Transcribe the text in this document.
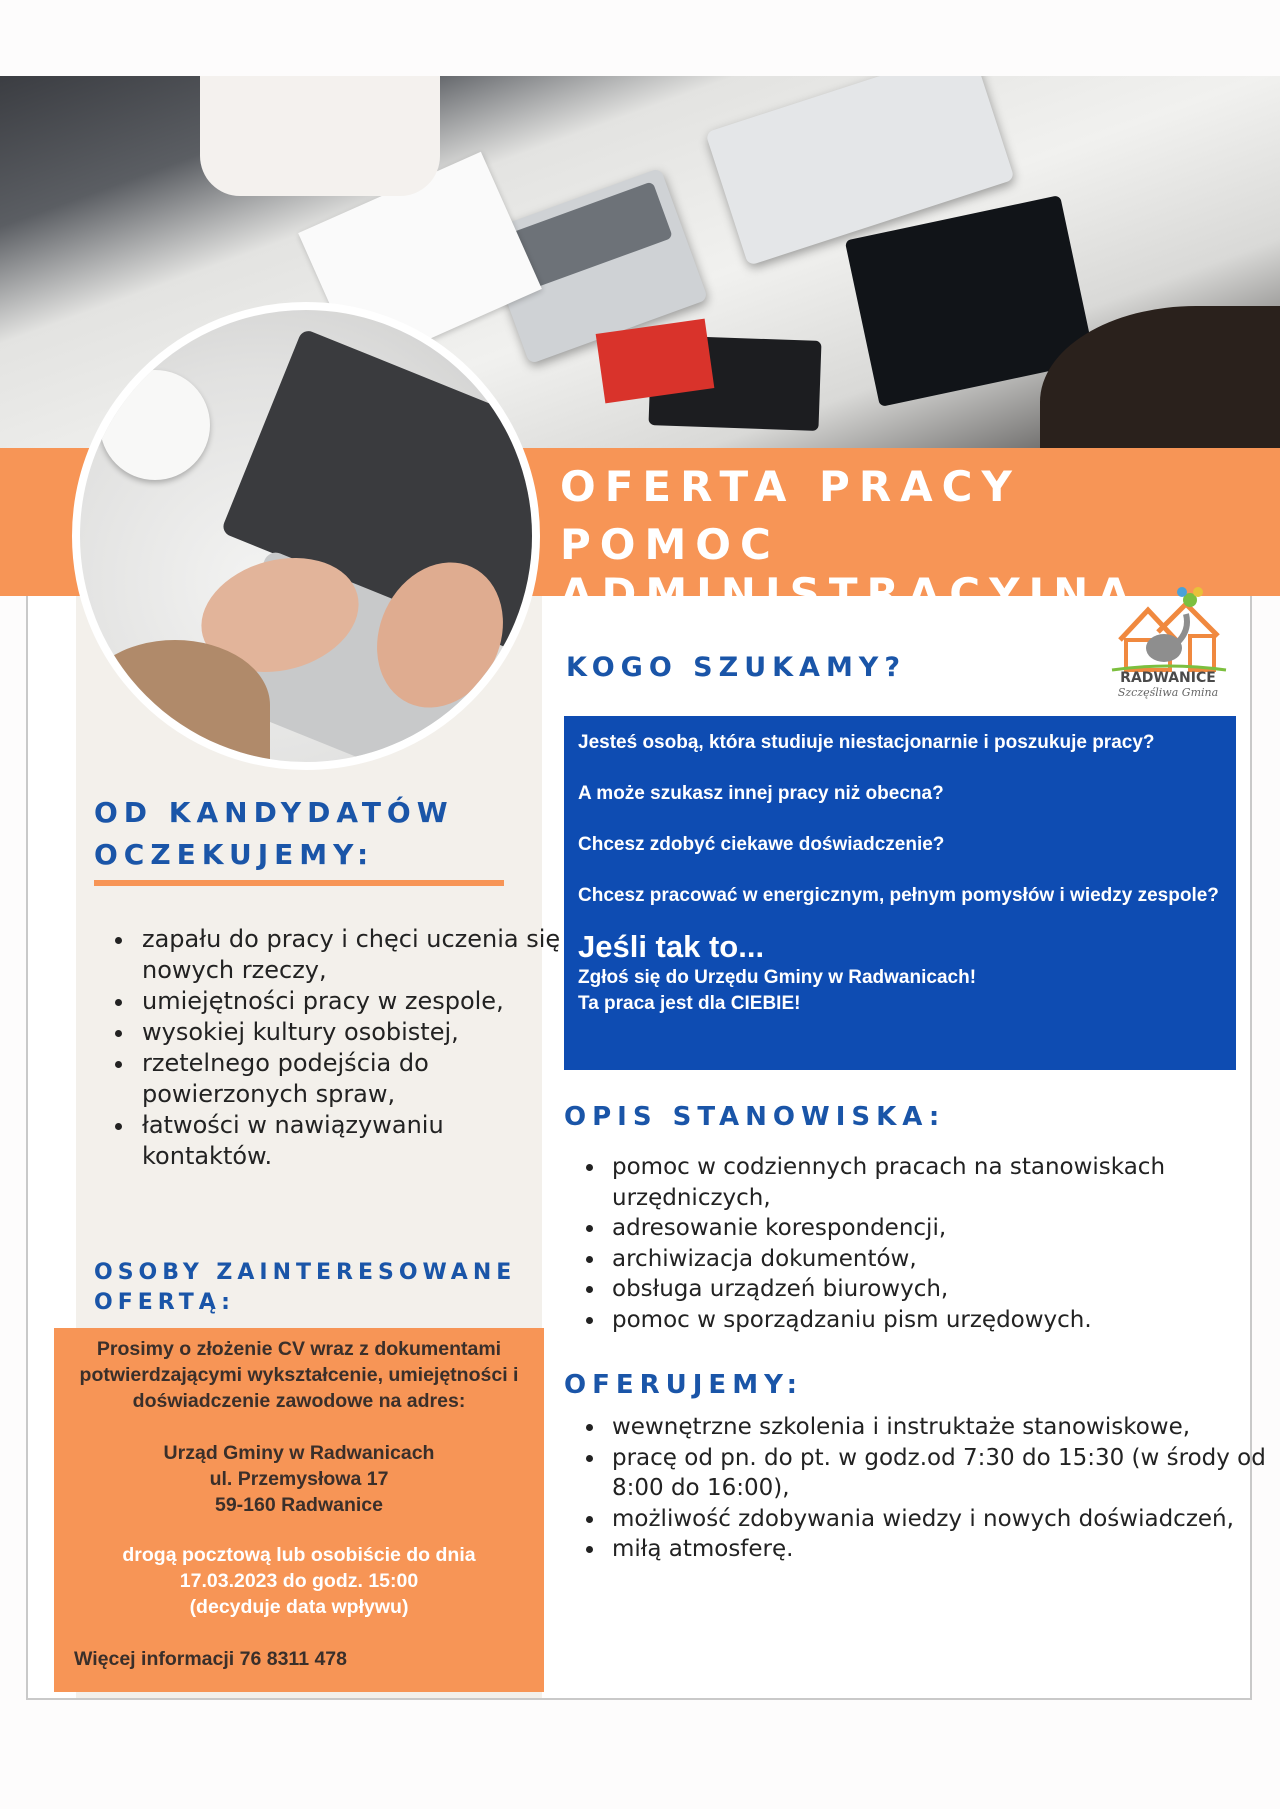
OFERTA PRACY
POMOC ADMINISTRACYJNA
RADWANICE
Szczęśliwa Gmina
KOGO SZUKAMY?

Jesteś osobą, która studiuje niestacjonarnie i poszukuje pracy?

A może szukasz innej pracy niż obecna?

Chcesz zdobyć ciekawe doświadczenie?

Chcesz pracować w energicznym, pełnym pomysłów i wiedzy zespole?

Jeśli tak to...

Zgłoś się do Urzędu Gminy w Radwanicach!

Ta praca jest dla CIEBIE!

OD KANDYDATÓW
OCZEKUJEMY:
• zapału do pracy i chęci uczenia się nowych rzeczy,
• umiejętności pracy w zespole,
• wysokiej kultury osobistej,
• rzetelnego podejścia do powierzonych spraw,
• łatwości w nawiązywaniu kontaktów.
OSOBY ZAINTERESOWANE
OFERTĄ:

Prosimy o złożenie CV wraz z dokumentami potwierdzającymi wykształcenie, umiejętności i doświadczenie zawodowe na adres:

Urząd Gminy w Radwanicach

ul. Przemysłowa 17

59-160 Radwanice

drogą pocztową lub osobiście do dnia

17.03.2023 do godz. 15:00

(decyduje data wpływu)

Więcej informacji 76 8311 478

OPIS STANOWISKA:
• pomoc w codziennych pracach na stanowiskach urzędniczych,
• adresowanie korespondencji,
• archiwizacja dokumentów,
• obsługa urządzeń biurowych,
• pomoc w sporządzaniu pism urzędowych.
OFERUJEMY:
• wewnętrzne szkolenia i instruktaże stanowiskowe,
• pracę od pn. do pt. w godz.od 7:30 do 15:30 (w środy od 8:00 do 16:00),
• możliwość zdobywania wiedzy i nowych doświadczeń,
• miłą atmosferę.
